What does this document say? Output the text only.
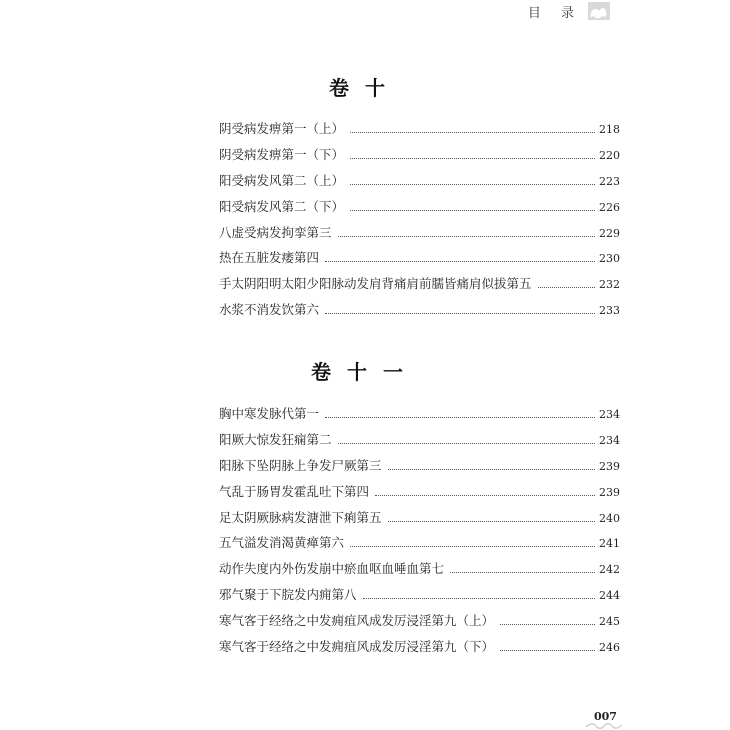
目 录
卷十
阴受病发痹第一（上）	218
阴受病发痹第一（下）	220
阳受病发风第二（上）	223
阳受病发风第二（下）	226
八虚受病发拘挛第三	229
热在五脏发痿第四	230
手太阴阳明太阳少阳脉动发肩背痛肩前臑皆痛肩似拔第五	232
水浆不消发饮第六	233
卷十一
胸中寒发脉代第一	234
阳厥大惊发狂痫第二	234
阳脉下坠阴脉上争发尸厥第三	239
气乱于肠胃发霍乱吐下第四	239
足太阴厥脉病发溏泄下痢第五	240
五气溢发消渴黄瘅第六	241
动作失度内外伤发崩中瘀血呕血唾血第七	242
邪气聚于下脘发内痈第八	244
寒气客于经络之中发痈疽风成发厉浸淫第九（上）	245
寒气客于经络之中发痈疽风成发厉浸淫第九（下）	246
007
